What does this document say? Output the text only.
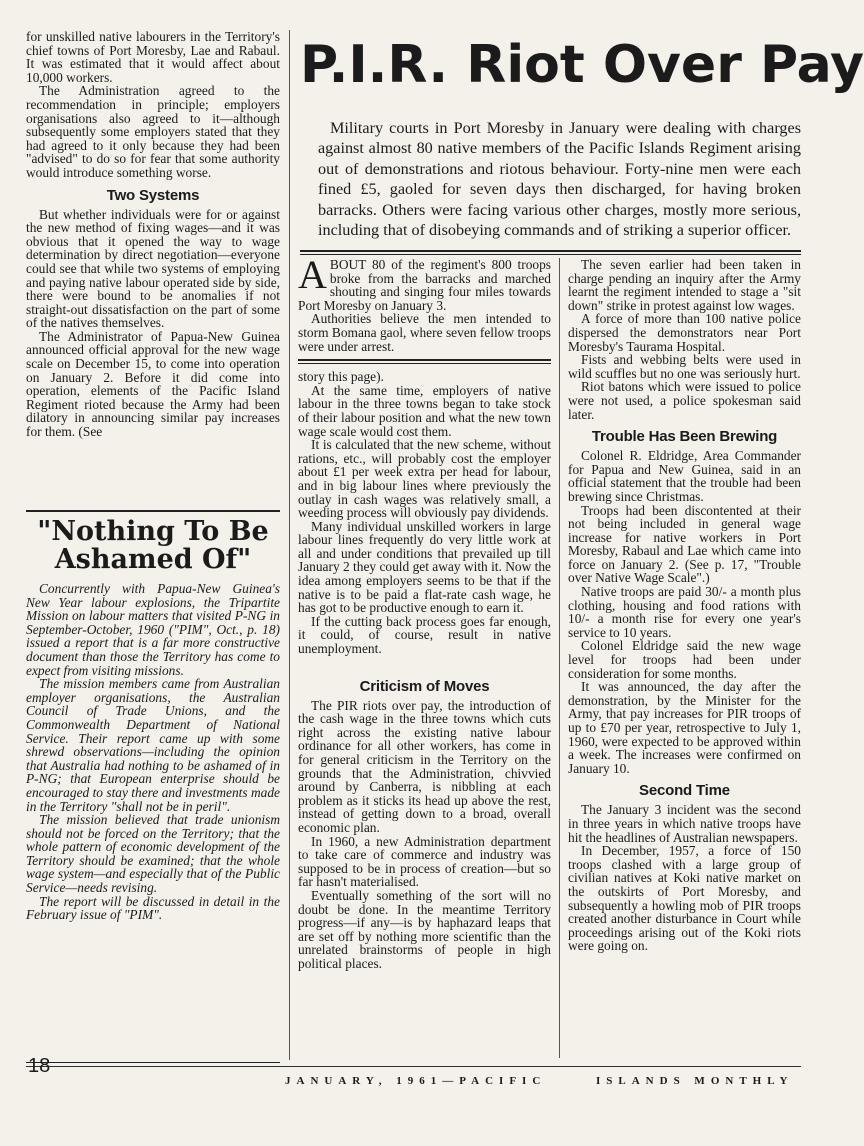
for unskilled native labourers in the Territory's chief towns of Port Moresby, Lae and Rabaul. It was estimated that it would affect about 10,000 workers.

The Administration agreed to the recommendation in principle; employers organisations also agreed to it—although subsequently some employers stated that they had agreed to it only because they had been "advised" to do so for fear that some authority would introduce something worse.

Two Systems

But whether individuals were for or against the new method of fixing wages—and it was obvious that it opened the way to wage determination by direct negotiation—everyone could see that while two systems of employing and paying native labour operated side by side, there were bound to be anomalies if not straight-out dissatisfaction on the part of some of the natives themselves.

The Administrator of Papua-New Guinea announced official approval for the new wage scale on December 15, to come into operation on January 2. Before it did come into operation, elements of the Pacific Island Regiment rioted because the Army had been dilatory in announcing similar pay increases for them. (See

"Nothing To Be Ashamed Of"

Concurrently with Papua-New Guinea's New Year labour explosions, the Tripartite Mission on labour matters that visited P-NG in September-October, 1960 ("PIM", Oct., p. 18) issued a report that is a far more constructive document than those the Territory has come to expect from visiting missions.

The mission members came from Australian employer organisations, the Australian Council of Trade Unions, and the Commonwealth Department of National Service. Their report came up with some shrewd observations—including the opinion that Australia had nothing to be ashamed of in P-NG; that European enterprise should be encouraged to stay there and investments made in the Territory "shall not be in peril".

The mission believed that trade unionism should not be forced on the Territory; that the whole pattern of economic development of the Territory should be examined; that the whole wage system—and especially that of the Public Service—needs revising.

The report will be discussed in detail in the February issue of "PIM".

P.I.R. Riot Over Pay

Military courts in Port Moresby in January were dealing with charges against almost 80 native members of the Pacific Islands Regiment arising out of demonstrations and riotous behaviour. Forty-nine men were each fined £5, gaoled for seven days then discharged, for having broken barracks. Others were facing various other charges, mostly more serious, including that of disobeying commands and of striking a superior officer.

A BOUT 80 of the regiment's 800 troops broke from the barracks and marched shouting and singing four miles towards Port Moresby on January 3.

Authorities believe the men intended to storm Bomana gaol, where seven fellow troops were under arrest.

story this page).

At the same time, employers of native labour in the three towns began to take stock of their labour position and what the new town wage scale would cost them.

It is calculated that the new scheme, without rations, etc., will probably cost the employer about £1 per week extra per head for labour, and in big labour lines where previously the outlay in cash wages was relatively small, a weeding process will obviously pay dividends.

Many individual unskilled workers in large labour lines frequently do very little work at all and under conditions that prevailed up till January 2 they could get away with it. Now the idea among employers seems to be that if the native is to be paid a flat-rate cash wage, he has got to be productive enough to earn it.

If the cutting back process goes far enough, it could, of course, result in native unemployment.

Criticism of Moves

The PIR riots over pay, the introduction of the cash wage in the three towns which cuts right across the existing native labour ordinance for all other workers, has come in for general criticism in the Territory on the grounds that the Administration, chivvied around by Canberra, is nibbling at each problem as it sticks its head up above the rest, instead of getting down to a broad, overall economic plan.

In 1960, a new Administration department to take care of commerce and industry was supposed to be in process of creation—but so far hasn't materialised.

Eventually something of the sort will no doubt be done. In the meantime Territory progress—if any—is by haphazard leaps that are set off by nothing more scientific than the unrelated brainstorms of people in high political places.

The seven earlier had been taken in charge pending an inquiry after the Army learnt the regiment intended to stage a "sit down" strike in protest against low wages.

A force of more than 100 native police dispersed the demonstrators near Port Moresby's Taurama Hospital.

Fists and webbing belts were used in wild scuffles but no one was seriously hurt.

Riot batons which were issued to police were not used, a police spokesman said later.

Trouble Has Been Brewing

Colonel R. Eldridge, Area Commander for Papua and New Guinea, said in an official statement that the trouble had been brewing since Christmas.

Troops had been discontented at their not being included in general wage increase for native workers in Port Moresby, Rabaul and Lae which came into force on January 2. (See p. 17, "Trouble over Native Wage Scale".)

Native troops are paid 30/- a month plus clothing, housing and food rations with 10/- a month rise for every one year's service to 10 years.

Colonel Eldridge said the new wage level for troops had been under consideration for some months.

It was announced, the day after the demonstration, by the Minister for the Army, that pay increases for PIR troops of up to £70 per year, retrospective to July 1, 1960, were expected to be approved within a week. The increases were confirmed on January 10.

Second Time

The January 3 incident was the second in three years in which native troops have hit the headlines of Australian newspapers.

In December, 1957, a force of 150 troops clashed with a large group of civilian natives at Koki native market on the outskirts of Port Moresby, and subsequently a howling mob of PIR troops created another disturbance in Court while proceedings arising out of the Koki riots were going on.

18
JANUARY, 1961—PACIFIC	ISLANDS MONTHLY
